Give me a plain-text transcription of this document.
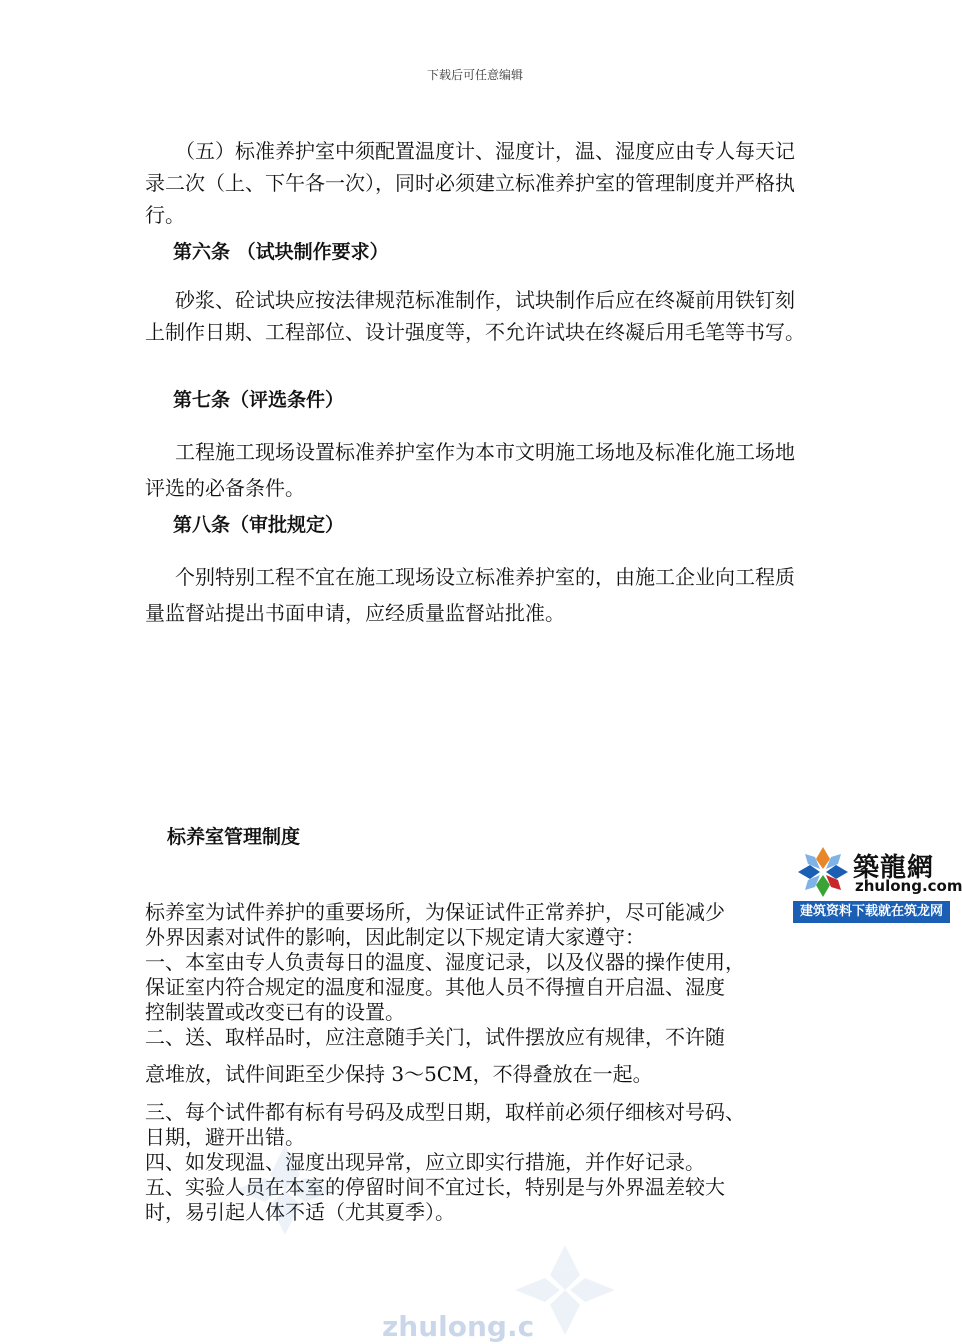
下载后可任意编辑

（五）标准养护室中须配置温度计、湿度计，温、湿度应由专人每天记录二次（上、下午各一次），同时必须建立标准养护室的管理制度并严格执行。

第六条 （试块制作要求）

砂浆、砼试块应按法律规范标准制作，试块制作后应在终凝前用铁钉刻上制作日期、工程部位、设计强度等，不允许试块在终凝后用毛笔等书写。

第七条（评选条件）

工程施工现场设置标准养护室作为本市文明施工场地及标准化施工场地评选的必备条件。

第八条（审批规定）

个别特别工程不宜在施工现场设立标准养护室的，由施工企业向工程质量监督站提出书面申请，应经质量监督站批准。

标养室管理制度
标养室为试件养护的重要场所，为保证试件正常养护，尽可能减少
外界因素对试件的影响，因此制定以下规定请大家遵守：
一、本室由专人负责每日的温度、湿度记录，以及仪器的操作使用，
保证室内符合规定的温度和湿度。其他人员不得擅自开启温、湿度
控制装置或改变已有的设置。
二、送、取样品时，应注意随手关门，试件摆放应有规律，不许随
意堆放，试件间距至少保持 3～5CM，不得叠放在一起。
三、每个试件都有标有号码及成型日期，取样前必须仔细核对号码、
日期，避开出错。
四、如发现温、湿度出现异常，应立即实行措施，并作好记录。
五、实验人员在本室的停留时间不宜过长，特别是与外界温差较大
时，易引起人体不适（尤其夏季）。
zhulong.c
築龍網
zhulong.com
建筑资料下载就在筑龙网
